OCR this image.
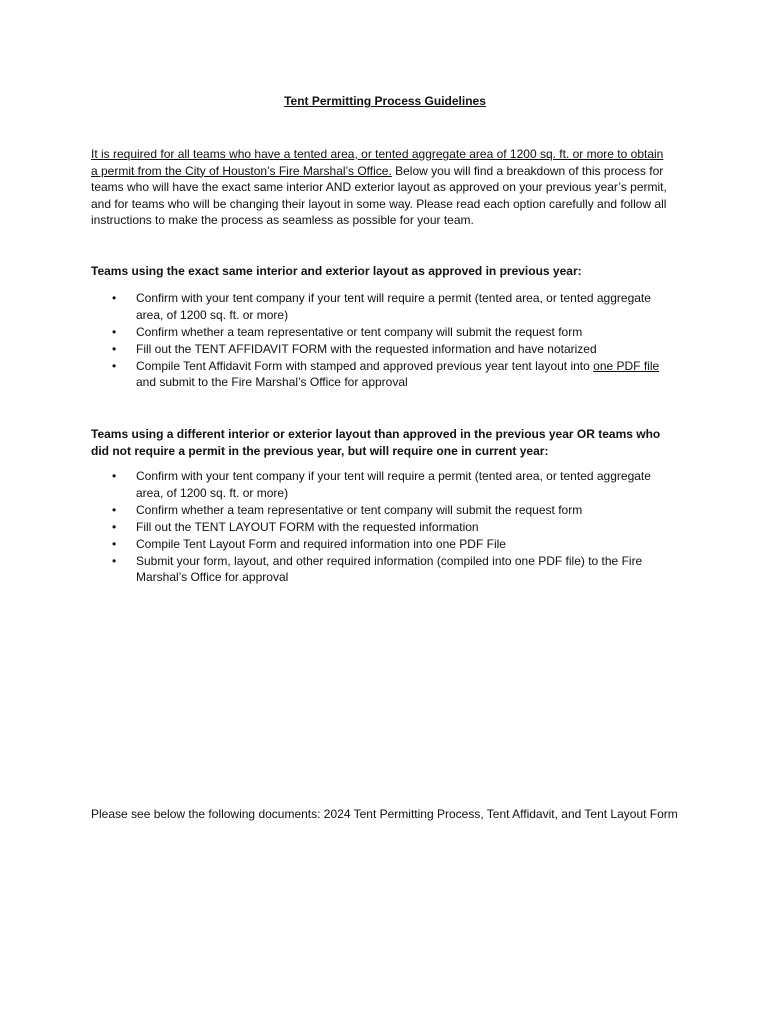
Tent Permitting Process Guidelines

It is required for all teams who have a tented area, or tented aggregate area of 1200 sq. ft. or more to obtain a permit from the City of Houston’s Fire Marshal’s Office. Below you will find a breakdown of this process for teams who will have the exact same interior AND exterior layout as approved on your previous year’s permit, and for teams who will be changing their layout in some way. Please read each option carefully and follow all instructions to make the process as seamless as possible for your team.

Teams using the exact same interior and exterior layout as approved in previous year:

• Confirm with your tent company if your tent will require a permit (tented area, or tented aggregate area, of 1200 sq. ft. or more)
• Confirm whether a team representative or tent company will submit the request form
• Fill out the TENT AFFIDAVIT FORM with the requested information and have notarized
• Compile Tent Affidavit Form with stamped and approved previous year tent layout into one PDF file and submit to the Fire Marshal’s Office for approval

Teams using a different interior or exterior layout than approved in the previous year OR teams who did not require a permit in the previous year, but will require one in current year:

• Confirm with your tent company if your tent will require a permit (tented area, or tented aggregate area, of 1200 sq. ft. or more)
• Confirm whether a team representative or tent company will submit the request form
• Fill out the TENT LAYOUT FORM with the requested information
• Compile Tent Layout Form and required information into one PDF File
• Submit your form, layout, and other required information (compiled into one PDF file) to the Fire Marshal’s Office for approval

Please see below the following documents: 2024 Tent Permitting Process, Tent Affidavit, and Tent Layout Form
